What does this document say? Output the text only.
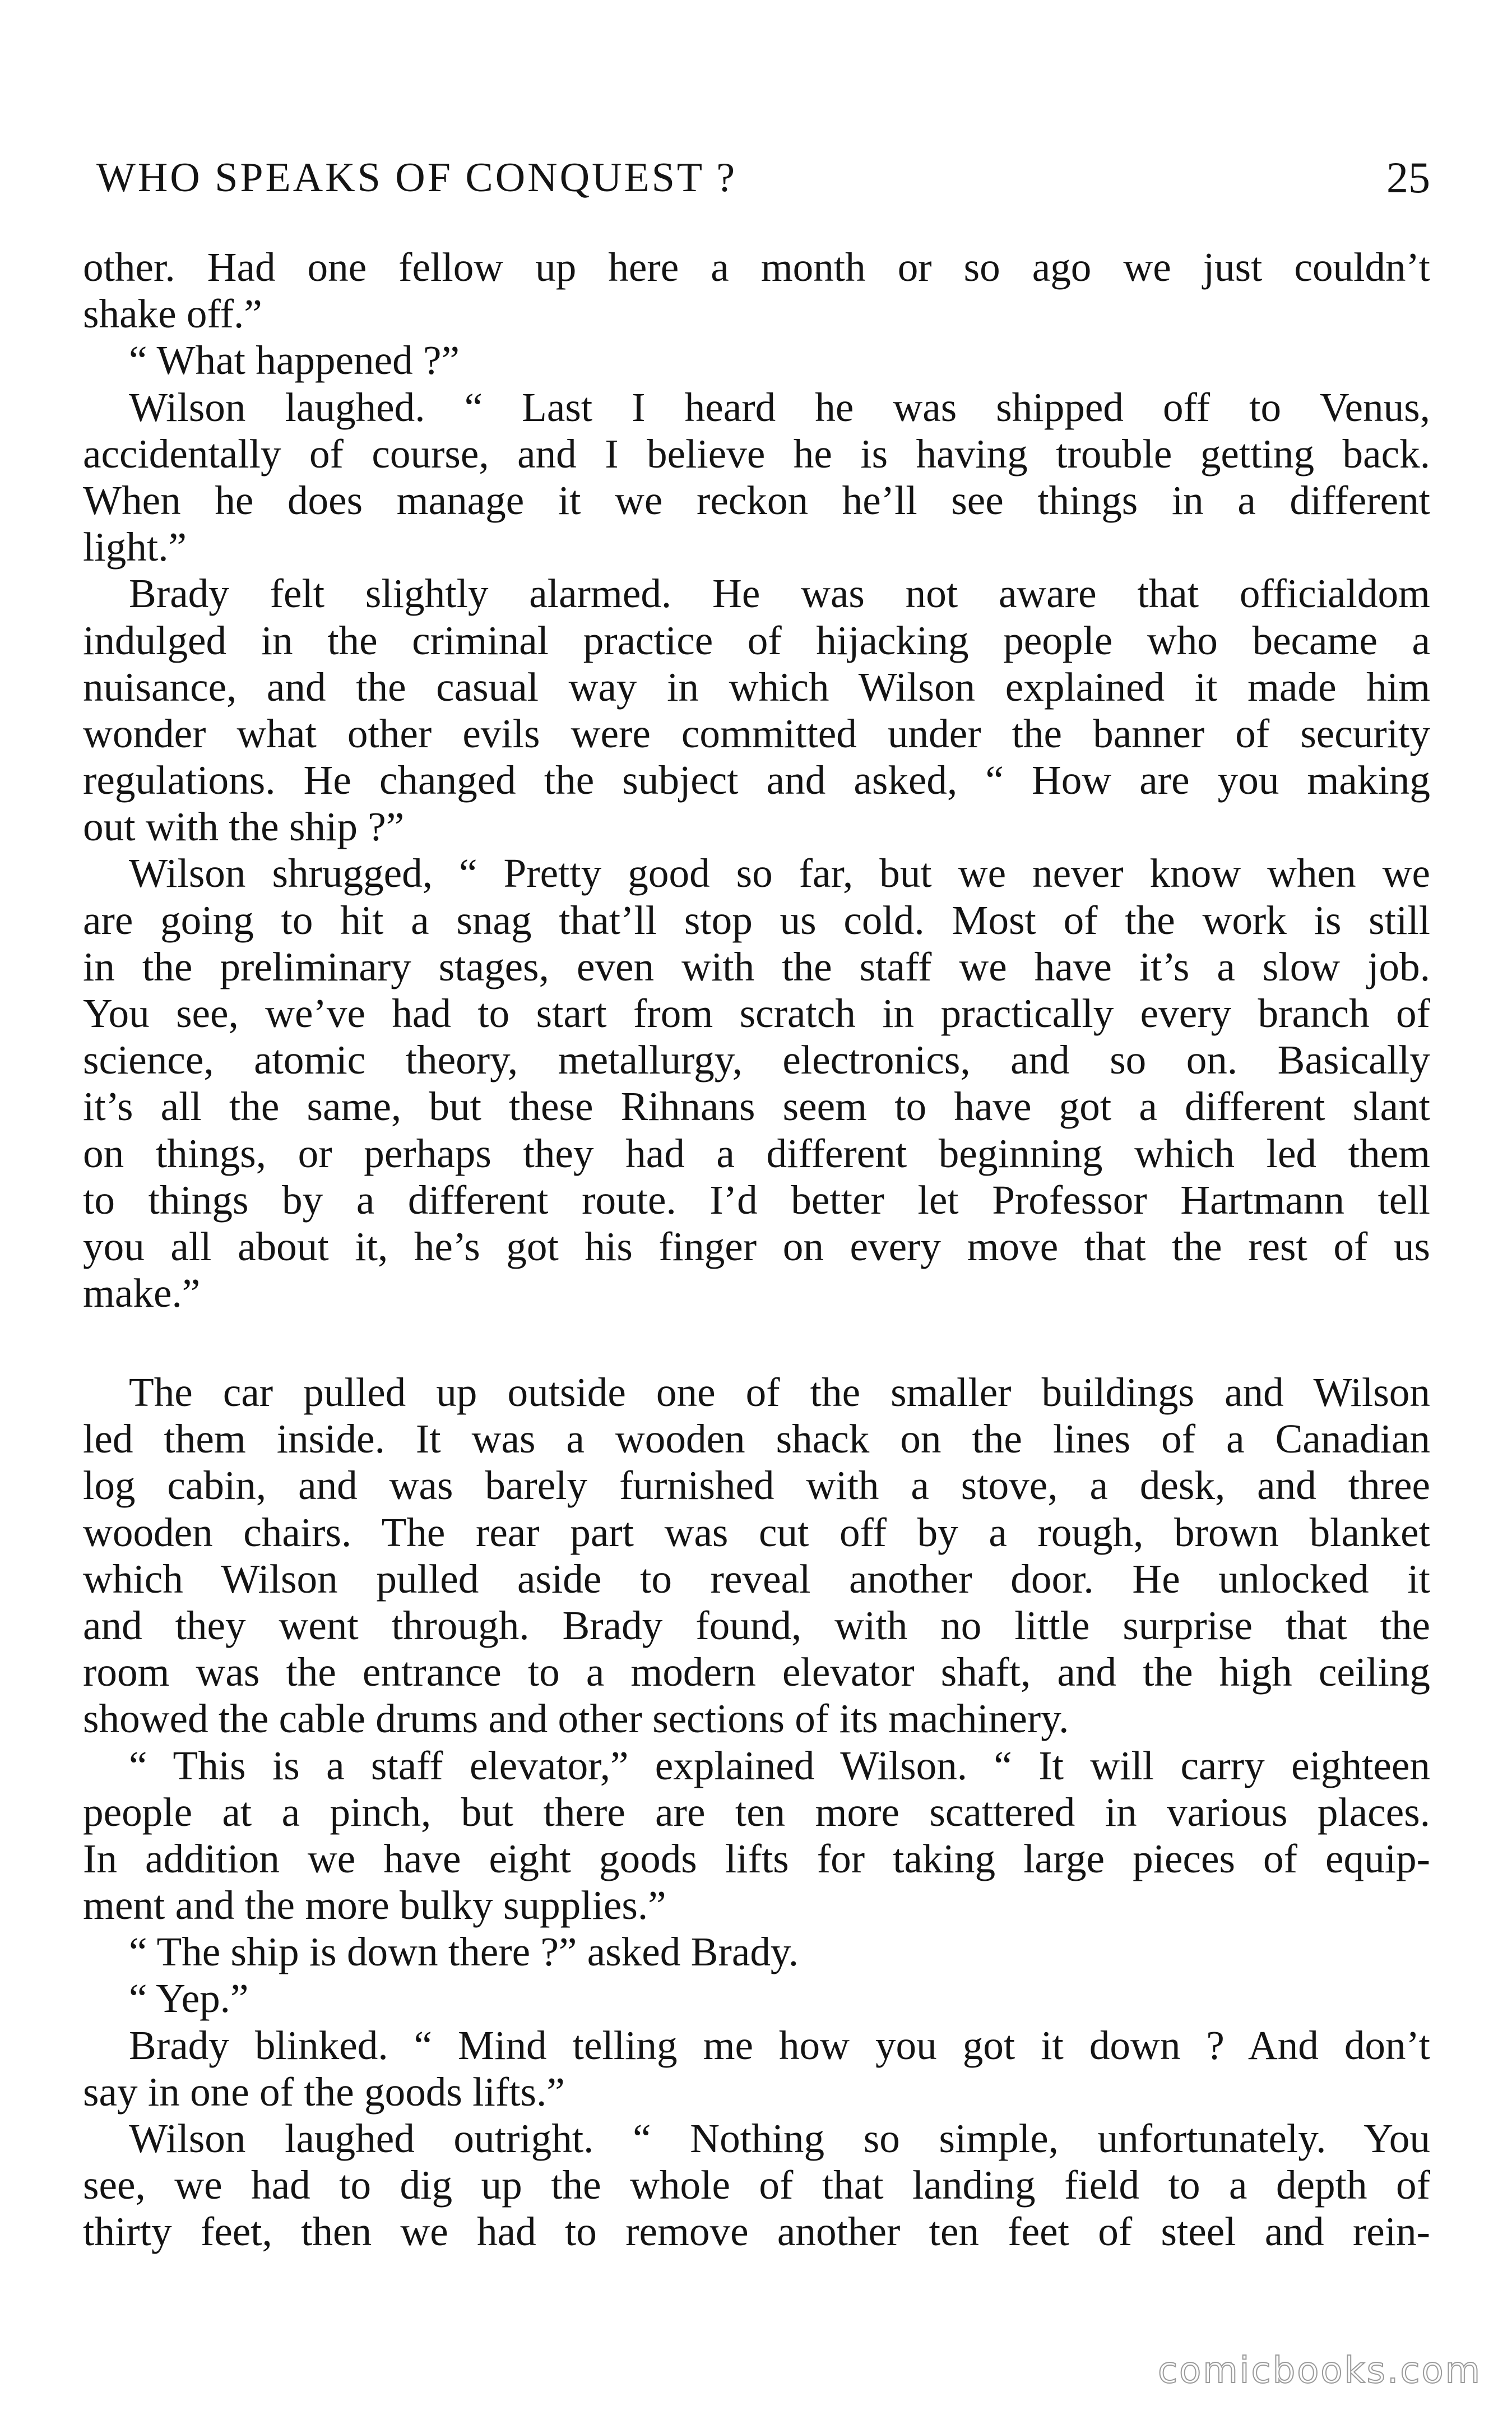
WHO SPEAKS OF CONQUEST ?	25
other. Had one fellow up here a month or so ago we just couldn’t
shake off.”
“ What happened ?”
Wilson laughed. “ Last I heard he was shipped off to Venus,
accidentally of course, and I believe he is having trouble getting back.
When he does manage it we reckon he’ll see things in a different
light.”
Brady felt slightly alarmed. He was not aware that officialdom
indulged in the criminal practice of hijacking people who became a
nuisance, and the casual way in which Wilson explained it made him
wonder what other evils were committed under the banner of security
regulations. He changed the subject and asked, “ How are you making
out with the ship ?”
Wilson shrugged, “ Pretty good so far, but we never know when we
are going to hit a snag that’ll stop us cold. Most of the work is still
in the preliminary stages, even with the staff we have it’s a slow job.
You see, we’ve had to start from scratch in practically every branch of
science, atomic theory, metallurgy, electronics, and so on. Basically
it’s all the same, but these Rihnans seem to have got a different slant
on things, or perhaps they had a different beginning which led them
to things by a different route. I’d better let Professor Hartmann tell
you all about it, he’s got his finger on every move that the rest of us
make.”
The car pulled up outside one of the smaller buildings and Wilson
led them inside. It was a wooden shack on the lines of a Canadian
log cabin, and was barely furnished with a stove, a desk, and three
wooden chairs. The rear part was cut off by a rough, brown blanket
which Wilson pulled aside to reveal another door. He unlocked it
and they went through. Brady found, with no little surprise that the
room was the entrance to a modern elevator shaft, and the high ceiling
showed the cable drums and other sections of its machinery.
“ This is a staff elevator,” explained Wilson. “ It will carry eighteen
people at a pinch, but there are ten more scattered in various places.
In addition we have eight goods lifts for taking large pieces of equip-
ment and the more bulky supplies.”
“ The ship is down there ?” asked Brady.
“ Yep.”
Brady blinked. “ Mind telling me how you got it down ? And don’t
say in one of the goods lifts.”
Wilson laughed outright. “ Nothing so simple, unfortunately. You
see, we had to dig up the whole of that landing field to a depth of
thirty feet, then we had to remove another ten feet of steel and rein-
comicbooks.com
